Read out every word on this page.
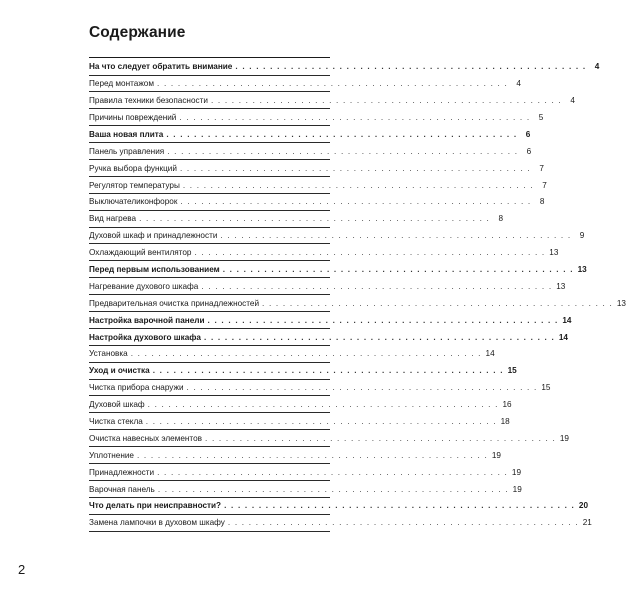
Содержание
На что следует обратить внимание . . . . . . . . . . . . . . . . . . . . . . . . . . . . . . . . . . . . . . . . . . . . . . . . . . .	4
Перед монтажом . . . . . . . . . . . . . . . . . . . . . . . . . . . . . . . . . . . . . . . . . . . . . . . . . . .	4
Правила техники безопасности . . . . . . . . . . . . . . . . . . . . . . . . . . . . . . . . . . . . . . . . . . . . . . . . . . .	4
Причины повреждений . . . . . . . . . . . . . . . . . . . . . . . . . . . . . . . . . . . . . . . . . . . . . . . . . . .	5
Ваша новая плита . . . . . . . . . . . . . . . . . . . . . . . . . . . . . . . . . . . . . . . . . . . . . . . . . . .	6
Панель управления . . . . . . . . . . . . . . . . . . . . . . . . . . . . . . . . . . . . . . . . . . . . . . . . . . .	6
Ручка выбора функций . . . . . . . . . . . . . . . . . . . . . . . . . . . . . . . . . . . . . . . . . . . . . . . . . . .	7
Регулятор температуры . . . . . . . . . . . . . . . . . . . . . . . . . . . . . . . . . . . . . . . . . . . . . . . . . . .	7
Выключателиконфорок . . . . . . . . . . . . . . . . . . . . . . . . . . . . . . . . . . . . . . . . . . . . . . . . . . .	8
Вид нагрева . . . . . . . . . . . . . . . . . . . . . . . . . . . . . . . . . . . . . . . . . . . . . . . . . . .	8
Духовой шкаф и принадлежности . . . . . . . . . . . . . . . . . . . . . . . . . . . . . . . . . . . . . . . . . . . . . . . . . . .	9
Охлаждающий вентилятор . . . . . . . . . . . . . . . . . . . . . . . . . . . . . . . . . . . . . . . . . . . . . . . . . . . 13
Перед первым использованием . . . . . . . . . . . . . . . . . . . . . . . . . . . . . . . . . . . . . . . . . . . . . . . . . . . 13
Нагревание духового шкафа . . . . . . . . . . . . . . . . . . . . . . . . . . . . . . . . . . . . . . . . . . . . . . . . . . . 13
Предварительная очистка принадлежностей . . . . . . . . . . . . . . . . . . . . . . . . . . . . . . . . . . . . . . . . . . . . . . . . . . . 13
Настройка варочной панели . . . . . . . . . . . . . . . . . . . . . . . . . . . . . . . . . . . . . . . . . . . . . . . . . . . 14
Настройка духового шкафа . . . . . . . . . . . . . . . . . . . . . . . . . . . . . . . . . . . . . . . . . . . . . . . . . . . 14
Установка . . . . . . . . . . . . . . . . . . . . . . . . . . . . . . . . . . . . . . . . . . . . . . . . . . . 14
Уход и очистка . . . . . . . . . . . . . . . . . . . . . . . . . . . . . . . . . . . . . . . . . . . . . . . . . . . 15
Чистка прибора снаружи . . . . . . . . . . . . . . . . . . . . . . . . . . . . . . . . . . . . . . . . . . . . . . . . . . . 15
Духовой шкаф . . . . . . . . . . . . . . . . . . . . . . . . . . . . . . . . . . . . . . . . . . . . . . . . . . . 16
Чистка стекла . . . . . . . . . . . . . . . . . . . . . . . . . . . . . . . . . . . . . . . . . . . . . . . . . . . 18
Очистка навесных элементов . . . . . . . . . . . . . . . . . . . . . . . . . . . . . . . . . . . . . . . . . . . . . . . . . . . 19
Уплотнение . . . . . . . . . . . . . . . . . . . . . . . . . . . . . . . . . . . . . . . . . . . . . . . . . . . 19
Принадлежности . . . . . . . . . . . . . . . . . . . . . . . . . . . . . . . . . . . . . . . . . . . . . . . . . . . 19
Варочная панель . . . . . . . . . . . . . . . . . . . . . . . . . . . . . . . . . . . . . . . . . . . . . . . . . . . 19
Что делать при неисправности? . . . . . . . . . . . . . . . . . . . . . . . . . . . . . . . . . . . . . . . . . . . . . . . . . . . 20
Замена лампочки в духовом шкафу . . . . . . . . . . . . . . . . . . . . . . . . . . . . . . . . . . . . . . . . . . . . . . . . . . . 21
2
